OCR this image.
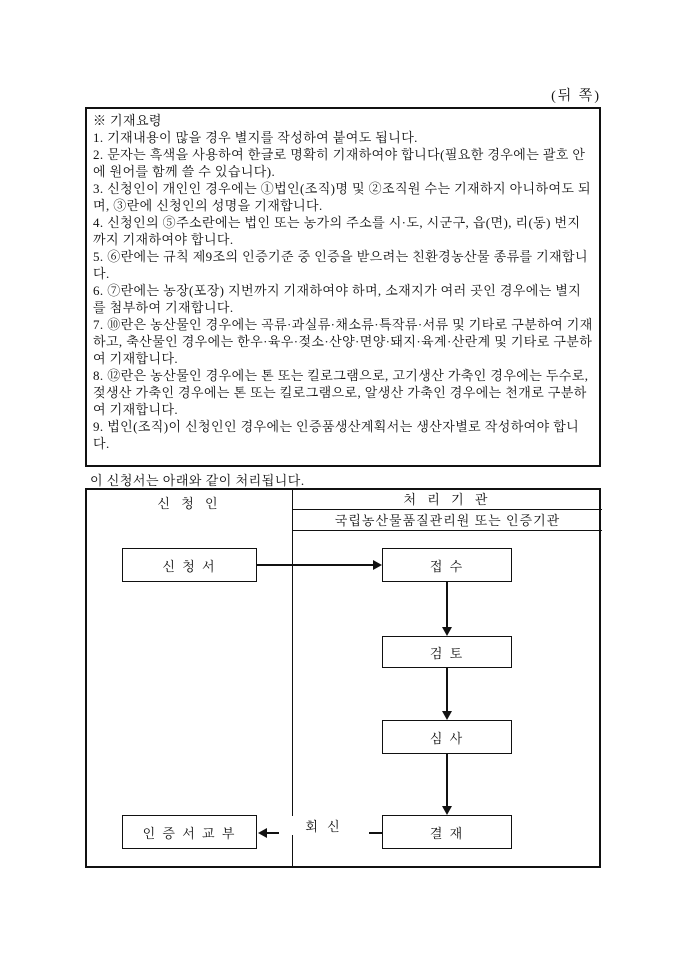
(뒤 쪽)

※ 기재요령

1. 기재내용이 많을 경우 별지를 작성하여 붙여도 됩니다.

2. 문자는 흑색을 사용하여 한글로 명확히 기재하여야 합니다(필요한 경우에는 괄호 안에 원어를 함께 쓸 수 있습니다).

3. 신청인이 개인인 경우에는 ①법인(조직)명 및 ②조직원 수는 기재하지 아니하여도 되며, ③란에 신청인의 성명을 기재합니다.

4. 신청인의 ⑤주소란에는 법인 또는 농가의 주소를 시·도, 시군구, 읍(면), 리(동) 번지까지 기재하여야 합니다.

5. ⑥란에는 규칙 제9조의 인증기준 중 인증을 받으려는 친환경농산물 종류를 기재합니다.

6. ⑦란에는 농장(포장) 지번까지 기재하여야 하며, 소재지가 여러 곳인 경우에는 별지를 첨부하여 기재합니다.

7. ⑩란은 농산물인 경우에는 곡류·과실류·채소류·특작류·서류 및 기타로 구분하여 기재하고, 축산물인 경우에는 한우·육우·젖소·산양·면양·돼지·육계·산란계 및 기타로 구분하여 기재합니다.

8. ⑫란은 농산물인 경우에는 톤 또는 킬로그램으로, 고기생산 가축인 경우에는 두수로, 젖생산 가축인 경우에는 톤 또는 킬로그램으로, 알생산 가축인 경우에는 천개로 구분하여 기재합니다.

9. 법인(조직)이 신청인인 경우에는 인증품생산계획서는 생산자별로 작성하여야 합니다.

이 신청서는 아래와 같이 처리됩니다.
신 청 인	처 리 기 관
국립농산물품질관리원 또는 인증기관
신 청 서	접 수
검 토
심 사
결 재
인 증 서 교 부	회 신
